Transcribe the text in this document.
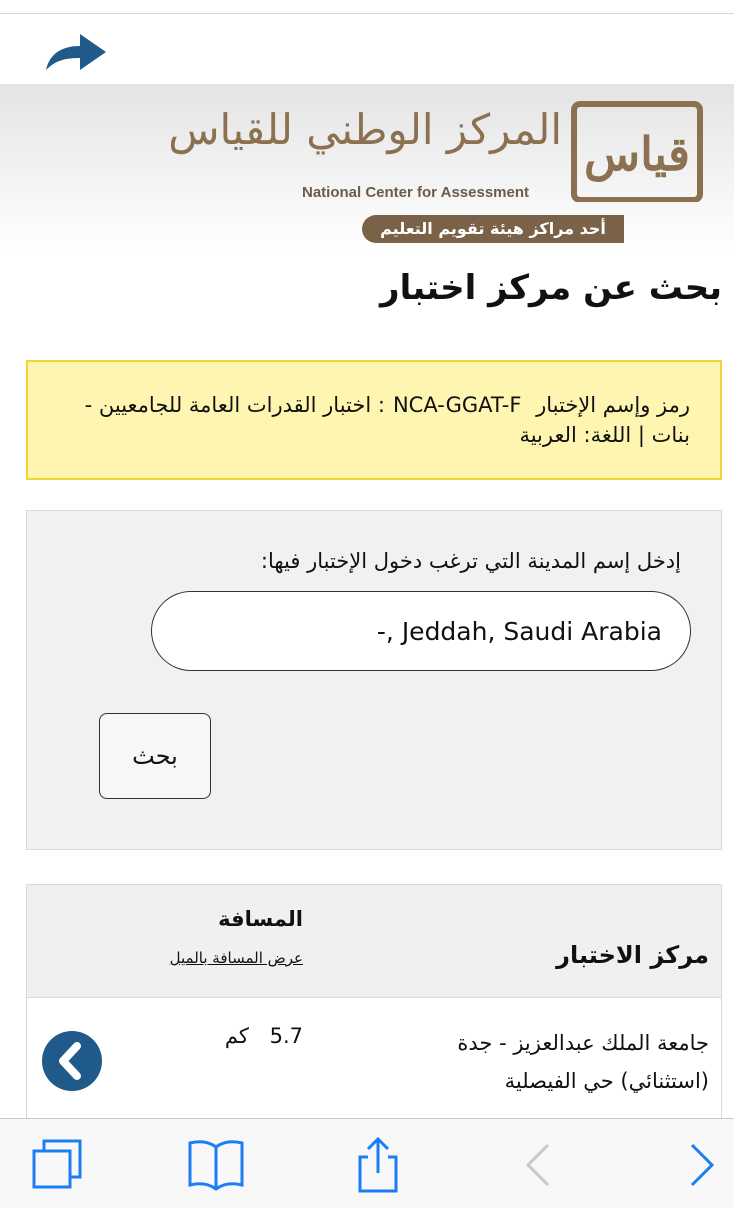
المركز الوطني للقياس
National Center for Assessment
أحد مراكز هيئة تقويم التعليم
قياس
بحث عن مركز اختبار
رمز وإسم الإختبار NCA-GGAT-F: اختبار القدرات العامة للجامعيين - بنات | اللغة: العربية
إدخل إسم المدينة التي ترغب دخول الإختبار فيها:
Jeddah, Saudi Arabia ,-
بحث
مركز الاختبار
المسافة
عرض المسافة بالميل
جامعة الملك عبدالعزيز - جدة (استثنائي) حي الفيصلية
5.7 كم
